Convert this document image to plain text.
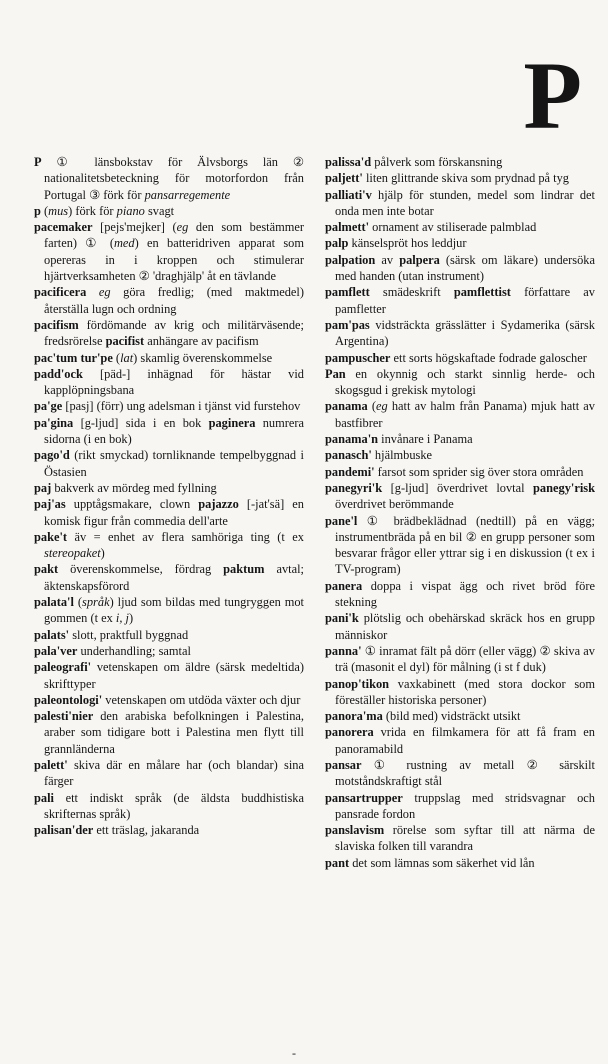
P

P ① länsbokstav för Älvsborgs län ② nationalitetsbeteckning för motorfordon från Portugal ③ förk för pansarregemente

p (mus) förk för piano svagt

pacemaker [pejs'mejker] (eg den som bestämmer farten) ① (med) en batteridriven apparat som opereras in i kroppen och stimulerar hjärtverksamheten ② 'draghjälp' åt en tävlande

pacificera eg göra fredlig; (med maktmedel) återställa lugn och ordning

pacifism fördömande av krig och militärväsende; fredsrörelse pacifist anhängare av pacifism

pac'tum tur'pe (lat) skamlig överenskommelse

padd'ock [päd-] inhägnad för hästar vid kapplöpningsbana

pa'ge [pasj] (förr) ung adelsman i tjänst vid furstehov

pa'gina [g-ljud] sida i en bok paginera numrera sidorna (i en bok)

pago'd (rikt smyckad) tornliknande tempelbyggnad i Östasien

paj bakverk av mördeg med fyllning

paj'as upptågsmakare, clown pajazzo [-jat'sä] en komisk figur från commedia dell'arte

pake't äv = enhet av flera samhöriga ting (t ex stereopaket)

pakt överenskommelse, fördrag paktum avtal; äktenskapsförord

palata'l (språk) ljud som bildas med tungryggen mot gommen (t ex i, j)

palats' slott, praktfull byggnad

pala'ver underhandling; samtal

paleografi' vetenskapen om äldre (särsk medeltida) skrifttyper

paleontologi' vetenskapen om utdöda växter och djur

palesti'nier den arabiska befolkningen i Palestina, araber som tidigare bott i Palestina men flytt till grannländerna

palett' skiva där en målare har (och blandar) sina färger

pali ett indiskt språk (de äldsta buddhistiska skrifternas språk)

palisan'der ett träslag, jakaranda

palissa'd pålverk som förskansning

paljett' liten glittrande skiva som prydnad på tyg

palliati'v hjälp för stunden, medel som lindrar det onda men inte botar

palmett' ornament av stiliserade palmblad

palp känselspröt hos leddjur

palpation av palpera (särsk om läkare) undersöka med handen (utan instrument)

pamflett smädeskrift pamflettist författare av pamfletter

pam'pas vidsträckta grässlätter i Sydamerika (särsk Argentina)

pampuscher ett sorts högskaftade fodrade galoscher

Pan en okynnig och starkt sinnlig herde- och skogsgud i grekisk mytologi

panama (eg hatt av halm från Panama) mjuk hatt av bastfibrer

panama'n invånare i Panama

panasch' hjälmbuske

pandemi' farsot som sprider sig över stora områden

panegyri'k [g-ljud] överdrivet lovtal panegy'risk överdrivet berömmande

pane'l ① brädbeklädnad (nedtill) på en vägg; instrumentbräda på en bil ② en grupp personer som besvarar frågor eller yttrar sig i en diskussion (t ex i TV-program)

panera doppa i vispat ägg och rivet bröd före stekning

pani'k plötslig och obehärskad skräck hos en grupp människor

panna' ① inramat fält på dörr (eller vägg) ② skiva av trä (masonit el dyl) för målning (i st f duk)

panop'tikon vaxkabinett (med stora dockor som föreställer historiska personer)

panora'ma (bild med) vidsträckt utsikt

panorera vrida en filmkamera för att få fram en panoramabild

pansar ① rustning av metall ② särskilt motståndskraftigt stål

pansartrupper truppslag med stridsvagnar och pansrade fordon

panslavism rörelse som syftar till att närma de slaviska folken till varandra

pant det som lämnas som säkerhet vid lån

-
